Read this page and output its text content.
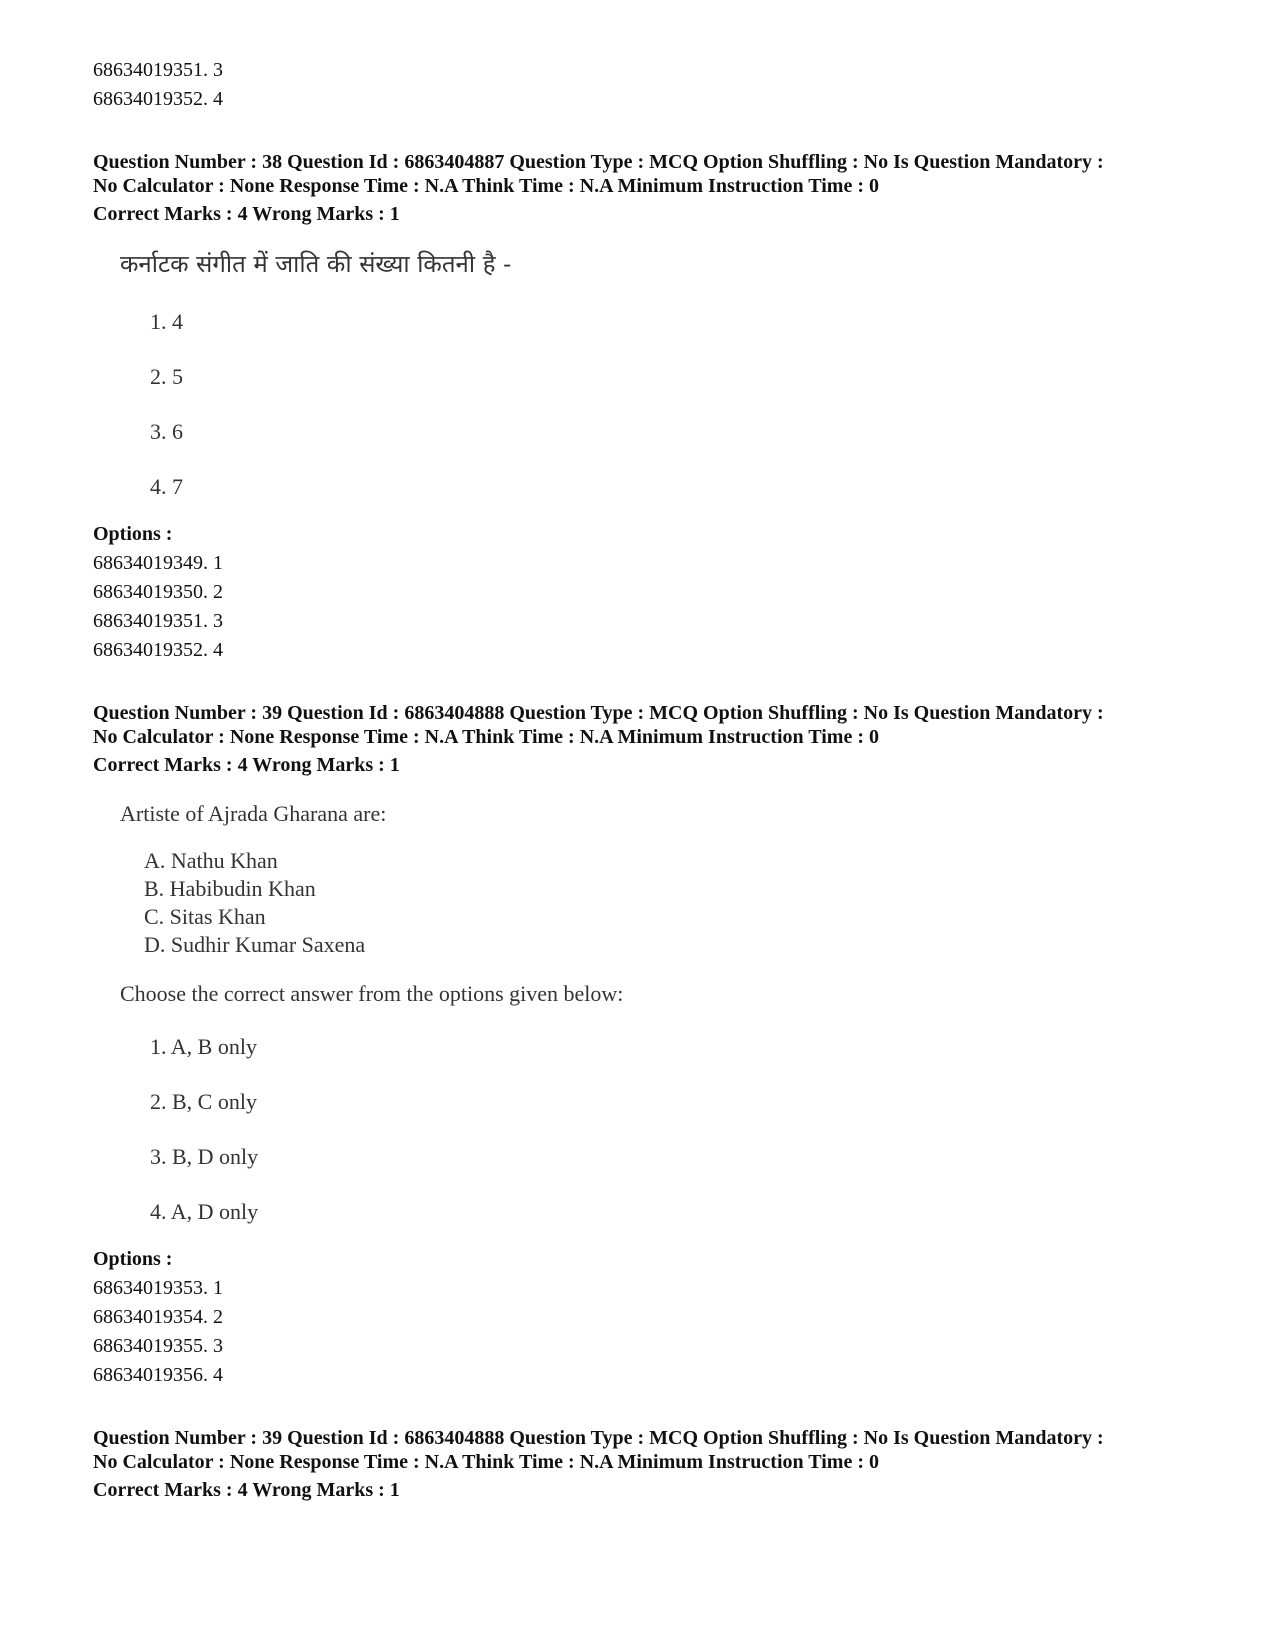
68634019351. 3
68634019352. 4
Question Number : 38 Question Id : 6863404887 Question Type : MCQ Option Shuffling : No Is Question Mandatory :
No Calculator : None Response Time : N.A Think Time : N.A Minimum Instruction Time : 0
Correct Marks : 4 Wrong Marks : 1
कर्नाटक संगीत में जाति की संख्या कितनी है -
1. 4
2. 5
3. 6
4. 7
Options :
68634019349. 1
68634019350. 2
68634019351. 3
68634019352. 4
Question Number : 39 Question Id : 6863404888 Question Type : MCQ Option Shuffling : No Is Question Mandatory :
No Calculator : None Response Time : N.A Think Time : N.A Minimum Instruction Time : 0
Correct Marks : 4 Wrong Marks : 1
Artiste of Ajrada Gharana are:
A. Nathu Khan
B. Habibudin Khan
C. Sitas Khan
D. Sudhir Kumar Saxena
Choose the correct answer from the options given below:
1. A, B only
2. B, C only
3. B, D only
4. A, D only
Options :
68634019353. 1
68634019354. 2
68634019355. 3
68634019356. 4
Question Number : 39 Question Id : 6863404888 Question Type : MCQ Option Shuffling : No Is Question Mandatory :
No Calculator : None Response Time : N.A Think Time : N.A Minimum Instruction Time : 0
Correct Marks : 4 Wrong Marks : 1
